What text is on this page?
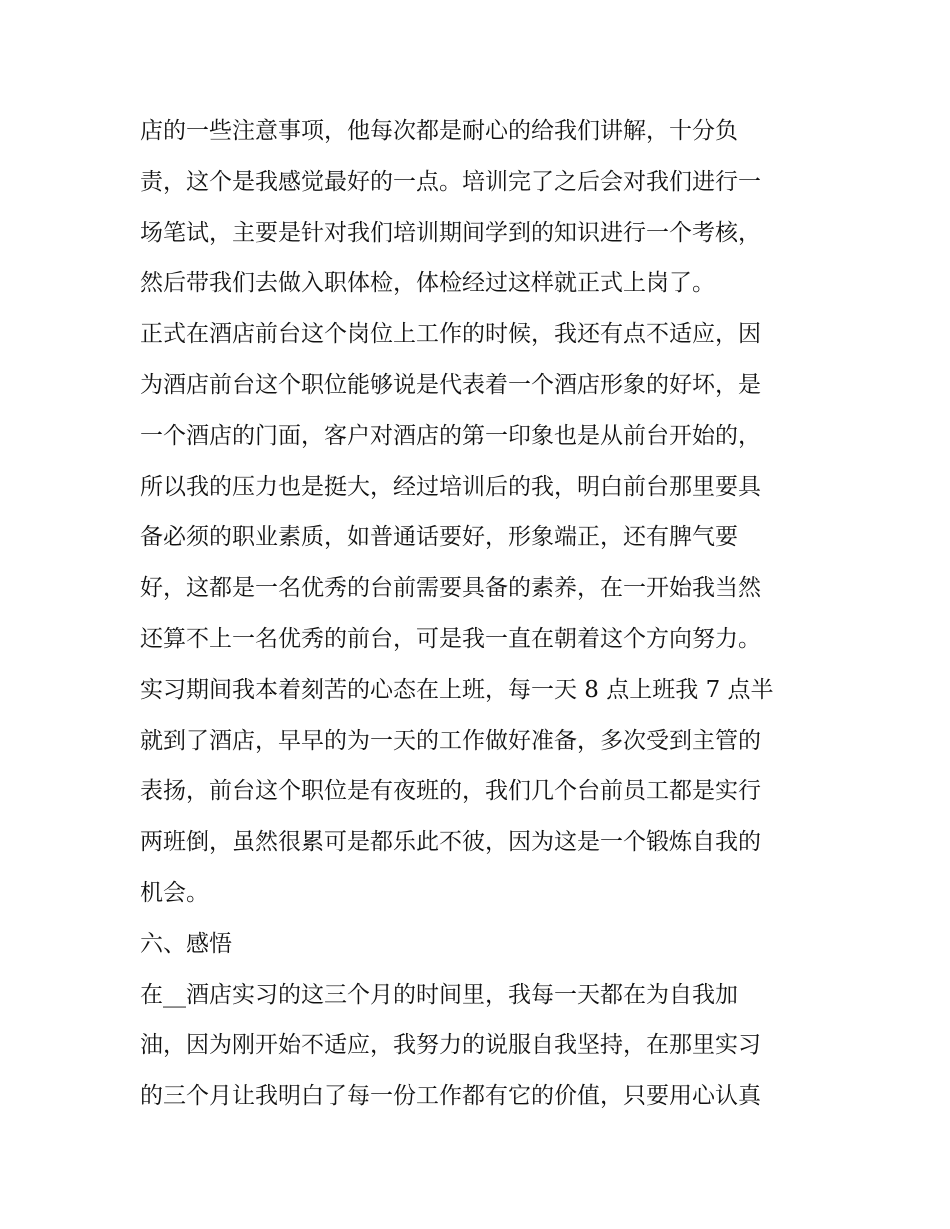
店的一些注意事项，他每次都是耐心的给我们讲解，十分负
责，这个是我感觉最好的一点。培训完了之后会对我们进行一
场笔试，主要是针对我们培训期间学到的知识进行一个考核，
然后带我们去做入职体检，体检经过这样就正式上岗了。
正式在酒店前台这个岗位上工作的时候，我还有点不适应，因
为酒店前台这个职位能够说是代表着一个酒店形象的好坏，是
一个酒店的门面，客户对酒店的第一印象也是从前台开始的，
所以我的压力也是挺大，经过培训后的我，明白前台那里要具
备必须的职业素质，如普通话要好，形象端正，还有脾气要
好，这都是一名优秀的台前需要具备的素养，在一开始我当然
还算不上一名优秀的前台，可是我一直在朝着这个方向努力。
实习期间我本着刻苦的心态在上班，每一天 8 点上班我 7 点半
就到了酒店，早早的为一天的工作做好准备，多次受到主管的
表扬，前台这个职位是有夜班的，我们几个台前员工都是实行
两班倒，虽然很累可是都乐此不彼，因为这是一个锻炼自我的
机会。
六、感悟
在__酒店实习的这三个月的时间里，我每一天都在为自我加
油，因为刚开始不适应，我努力的说服自我坚持，在那里实习
的三个月让我明白了每一份工作都有它的价值，只要用心认真
